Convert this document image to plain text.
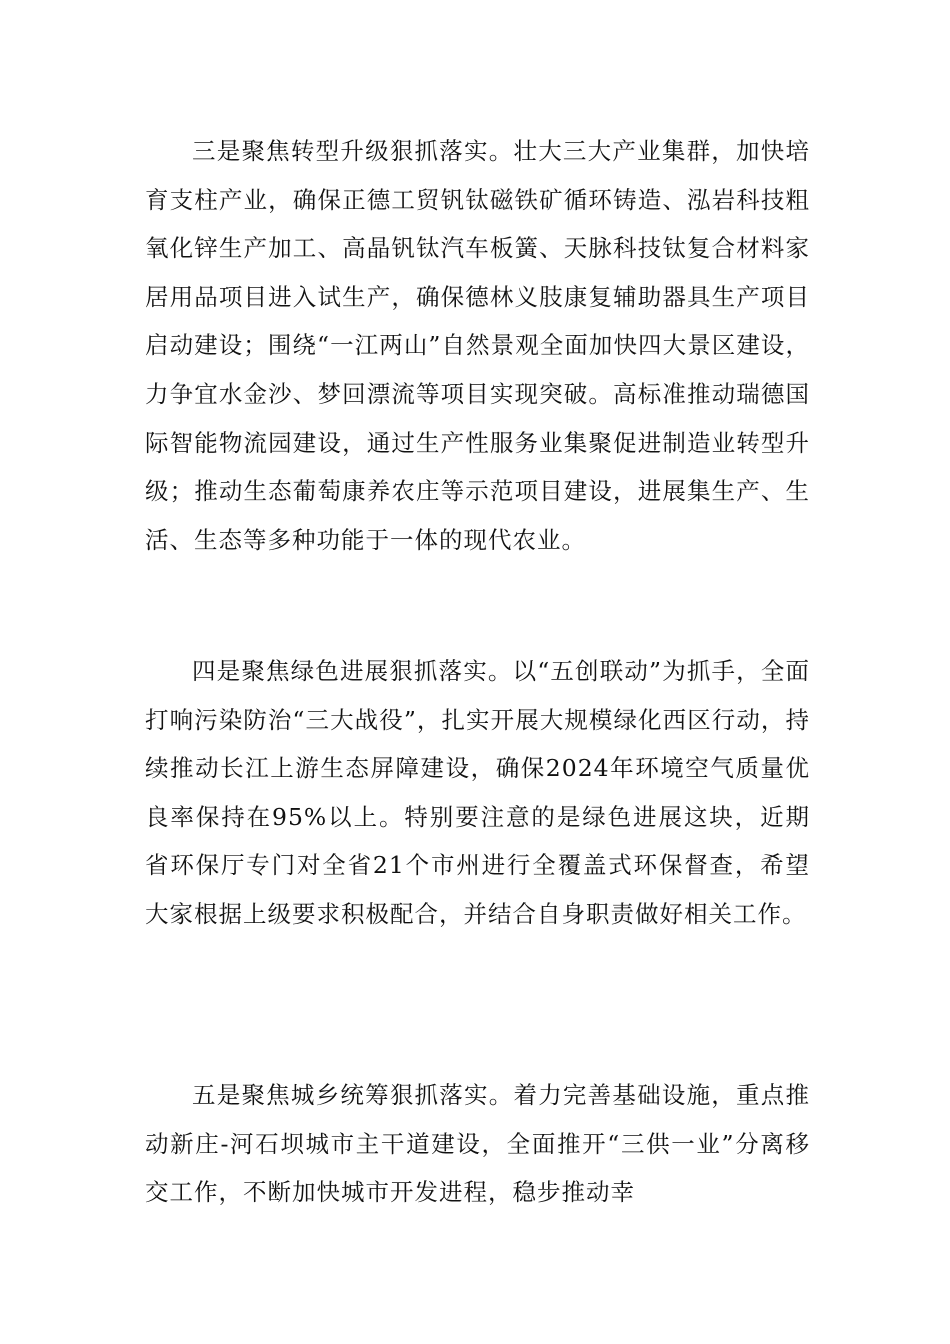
三是聚焦转型升级狠抓落实。壮大三大产业集群，加快培育支柱产业，确保正德工贸钒钛磁铁矿循环铸造、泓岩科技粗氧化锌生产加工、高晶钒钛汽车板簧、天脉科技钛复合材料家居用品项目进入试生产，确保德林义肢康复辅助器具生产项目启动建设；围绕“一江两山”自然景观全面加快四大景区建设，力争宜水金沙、梦回漂流等项目实现突破。高标准推动瑞德国际智能物流园建设，通过生产性服务业集聚促进制造业转型升级；推动生态葡萄康养农庄等示范项目建设，进展集生产、生活、生态等多种功能于一体的现代农业。

四是聚焦绿色进展狠抓落实。以“五创联动”为抓手，全面打响污染防治“三大战役”，扎实开展大规模绿化西区行动，持续推动长江上游生态屏障建设，确保2024年环境空气质量优良率保持在95%以上。特别要注意的是绿色进展这块，近期省环保厅专门对全省21个市州进行全覆盖式环保督查，希望大家根据上级要求积极配合，并结合自身职责做好相关工作。

五是聚焦城乡统筹狠抓落实。着力完善基础设施，重点推动新庄-河石坝城市主干道建设，全面推开“三供一业”分离移交工作，不断加快城市开发进程，稳步推动幸
